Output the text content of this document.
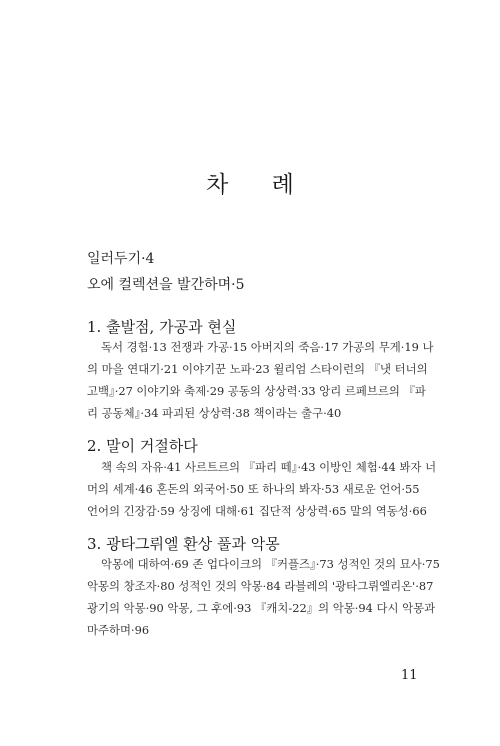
차 례
일러두기·4
오에 컬렉션을 발간하며·5
1. 출발점, 가공과 현실
독서 경험·13 전쟁과 가공·15 아버지의 죽음·17 가공의 무게·19 나
의 마을 연대기·21 이야기꾼 노파·23 윌리엄 스타이런의 『냇 터너의
고백』·27 이야기와 축제·29 공동의 상상력·33 앙리 르페브르의 『파
리 공동체』·34 파괴된 상상력·38 책이라는 출구·40
2. 말이 거절하다
책 속의 자유·41 사르트르의 『파리 떼』·43 이방인 체험·44 봐자 너
머의 세계·46 혼돈의 외국어·50 또 하나의 봐자·53 새로운 언어·55
언어의 긴장감·59 상징에 대해·61 집단적 상상력·65 말의 역동성·66
3. 광타그뤼엘 환상 풀과 악몽
악몽에 대하여·69 존 업다이크의 『커플즈』·73 성적인 것의 묘사·75
악몽의 창조자·80 성적인 것의 악몽·84 라블레의 '광타그뤼엘리온'·87
광기의 악몽·90 악몽, 그 후에·93 『캐치-22』의 악몽·94 다시 악몽과
마주하며·96
11
